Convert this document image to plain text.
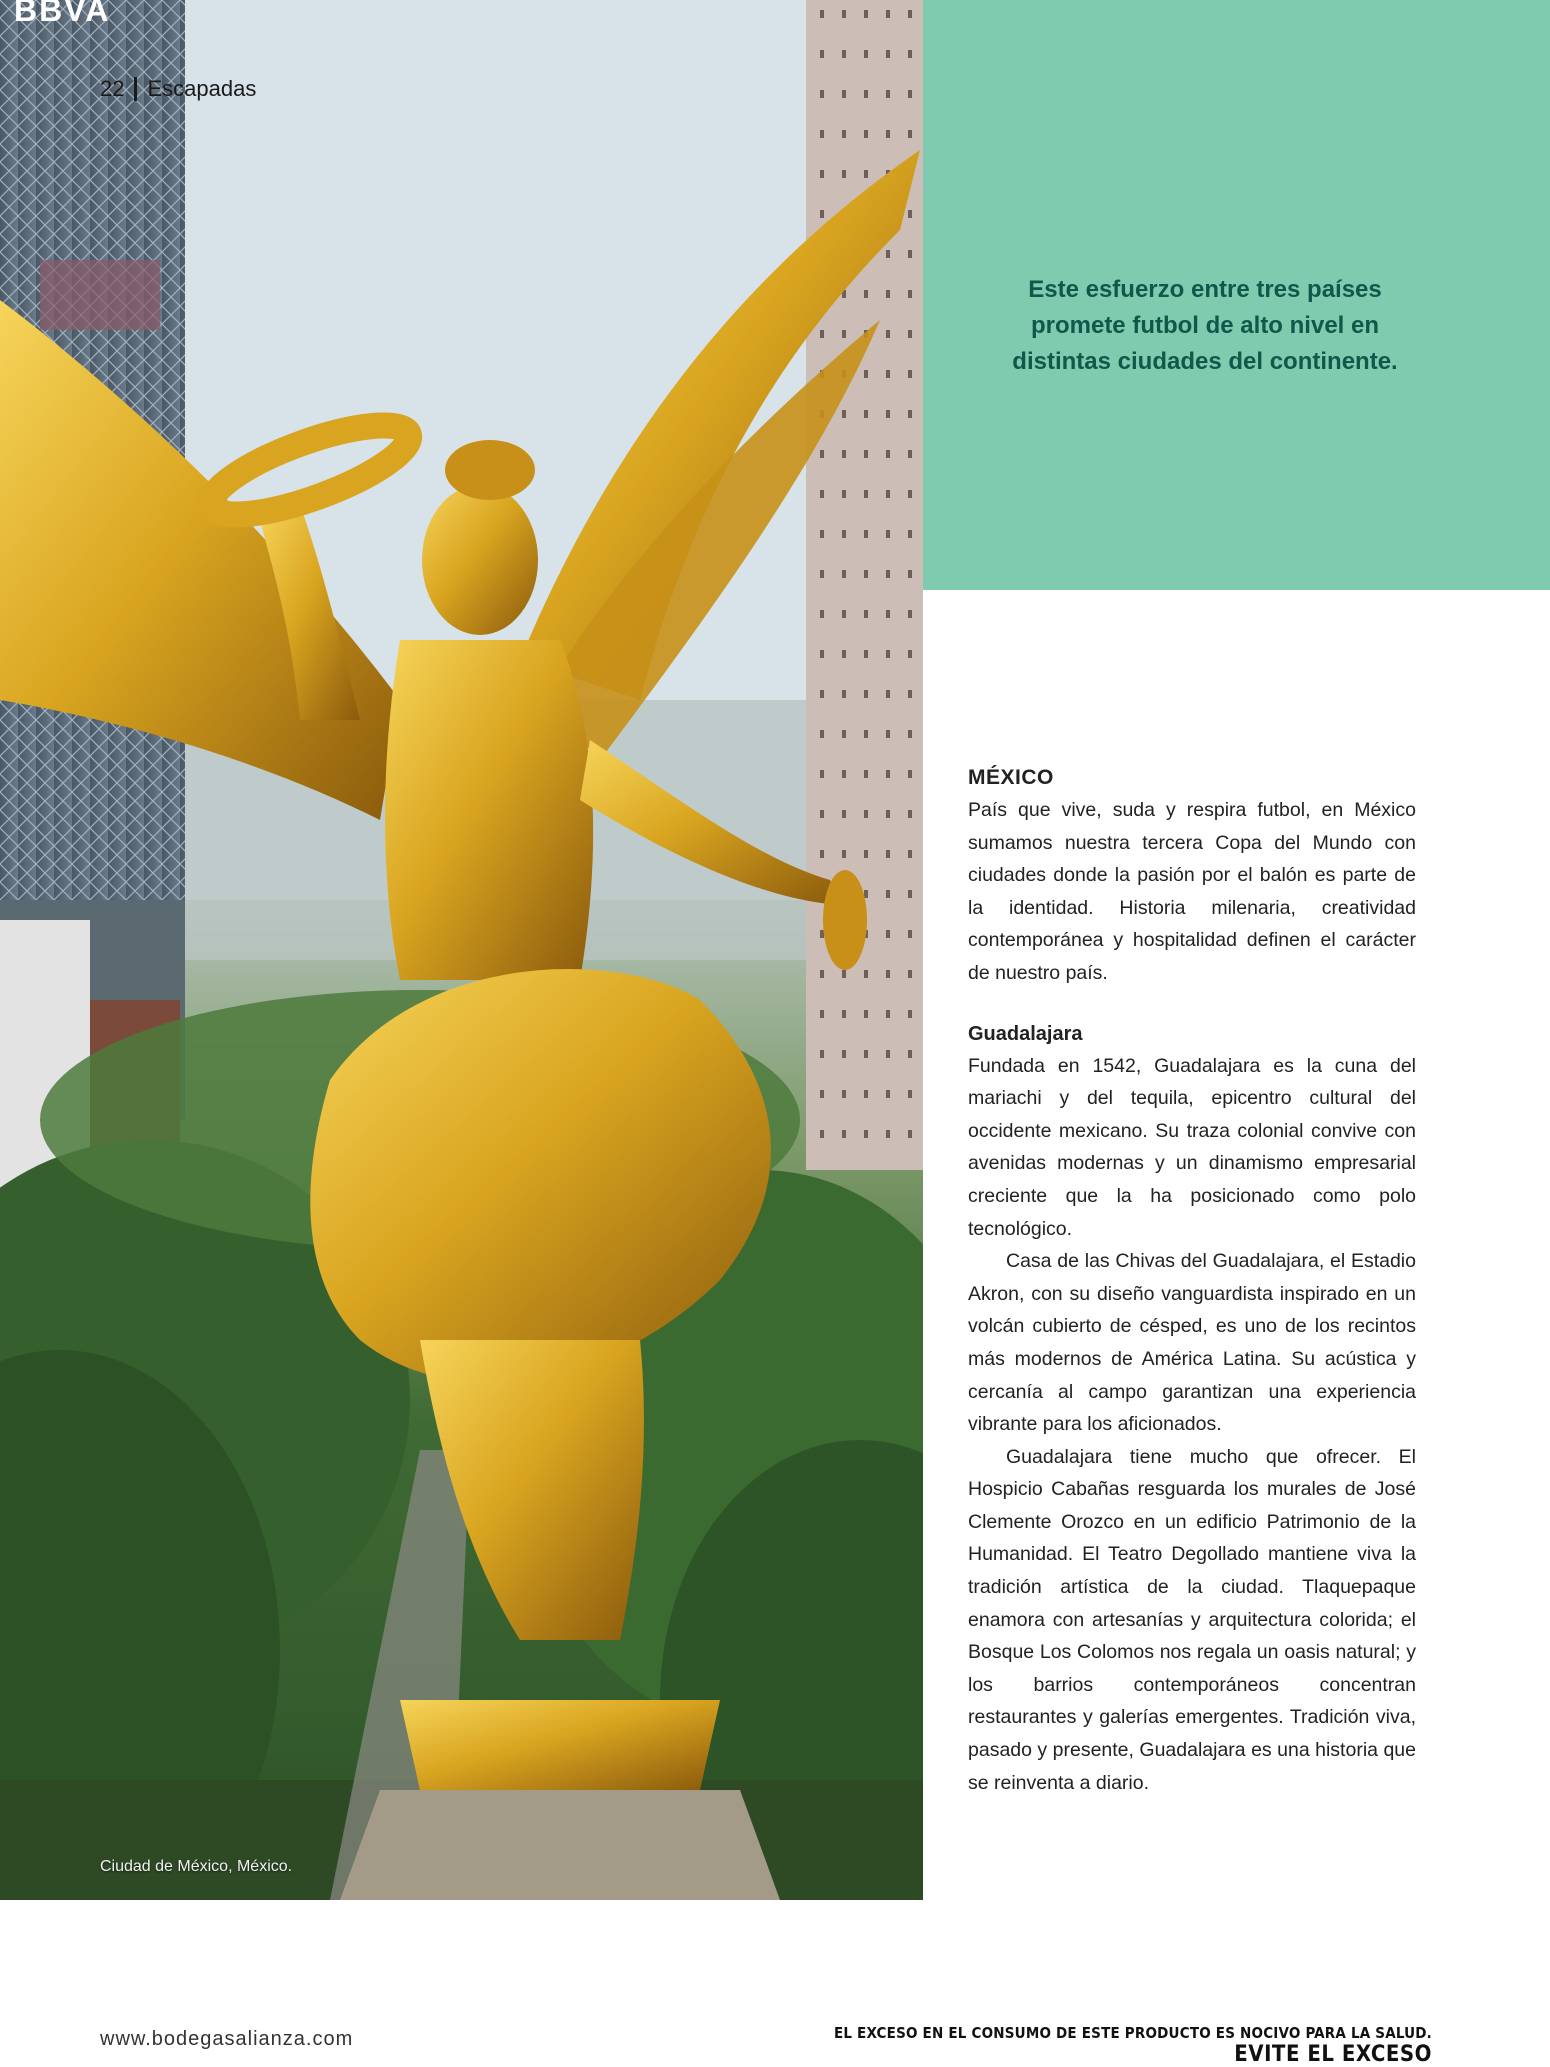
BBVA
Ciudad de México, México.
22 Escapadas
Este esfuerzo entre tres países promete futbol de alto nivel en distintas ciudades del continente.
MÉXICO

País que vive, suda y respira futbol, en México sumamos nuestra tercera Copa del Mundo con ciudades donde la pasión por el balón es parte de la identidad. Historia milenaria, creatividad contemporánea y hospitalidad definen el carácter de nuestro país.

Guadalajara

Fundada en 1542, Guadalajara es la cuna del mariachi y del tequila, epicentro cultural del occidente mexicano. Su traza colonial convive con avenidas modernas y un dinamismo empresarial creciente que la ha posicionado como polo tecnológico.

Casa de las Chivas del Guadalajara, el Estadio Akron, con su diseño vanguardista inspirado en un volcán cubierto de césped, es uno de los recintos más modernos de América Latina. Su acústica y cercanía al campo garantizan una experiencia vibrante para los aficionados.

Guadalajara tiene mucho que ofrecer. El Hospicio Cabañas resguarda los murales de José Clemente Orozco en un edificio Patrimonio de la Humanidad. El Teatro Degollado mantiene viva la tradición artística de la ciudad. Tlaquepaque enamora con artesanías y arquitectura colorida; el Bosque Los Colomos nos regala un oasis natural; y los barrios contemporáneos concentran restaurantes y galerías emergentes. Tradición viva, pasado y presente, Guadalajara es una historia que se reinventa a diario.

www.bodegasalianza.com	EL EXCESO EN EL CONSUMO DE ESTE PRODUCTO ES NOCIVO PARA LA SALUD.
EVITE EL EXCESO
